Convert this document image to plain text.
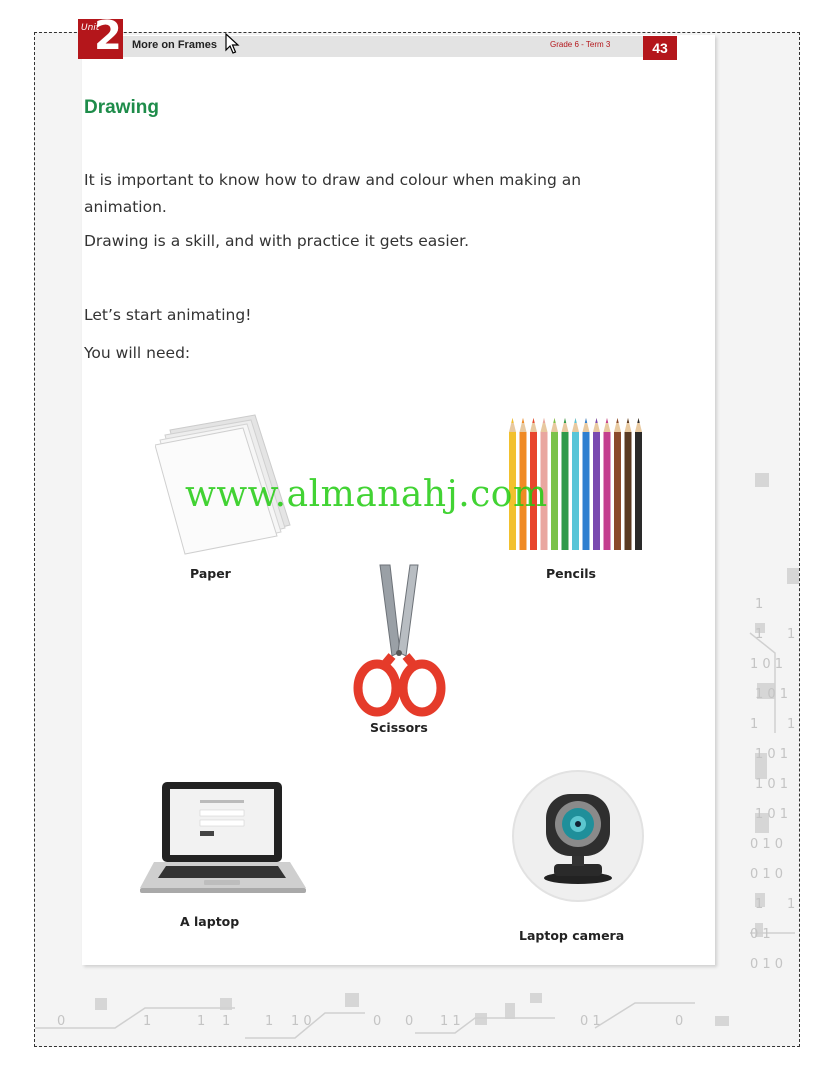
1
1 1
1 0 1
1 0 1
1 1
1 0 1
1 0 1
1 0 1
0 1 0
0 1 0
1 1
0 1
0 1 0
0	1	1 1	1 1 0	0 0 1 1	0 1	0
Unit
2 More on Frames	Grade 6 - Term 3	43
Drawing
It is important to know how to draw and colour when making an animation.
Drawing is a skill, and with practice it gets easier.
Let’s start animating!
You will need:
Paper	Pencils
Scissors
A laptop
Laptop camera
www.almanahj.com
